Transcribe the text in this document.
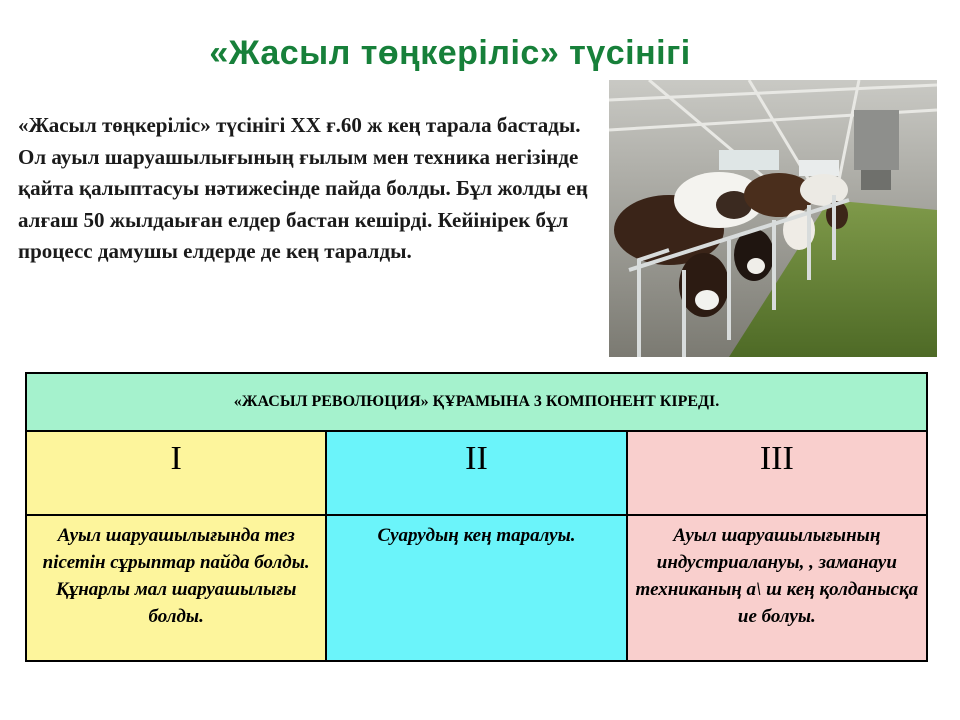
«Жасыл төңкеріліс» түсінігі
«Жасыл төңкеріліс» түсінігі ХХ ғ.60 ж кең тарала бастады. Ол ауыл шаруашылығының ғылым мен техника негізінде қайта қалыптасуы нәтижесінде пайда болды. Бұл жолды ең алғаш 50 жылдаыған елдер бастан кешірді. Кейінірек бұл процесс дамушы елдерде де кең таралды.
«ЖАСЫЛ РЕВОЛЮЦИЯ» ҚҰРАМЫНА 3 КОМПОНЕНТ КІРЕДІ.		
I	II	III
Ауыл шаруашылығында тез пісетін сұрыптар пайда болды. Құнарлы мал шаруашылығы болды.	Суарудың кең таралуы.	Ауыл шаруашылығының индустриалануы, , заманауи техниканың а\ ш кең қолданысқа ие болуы.
